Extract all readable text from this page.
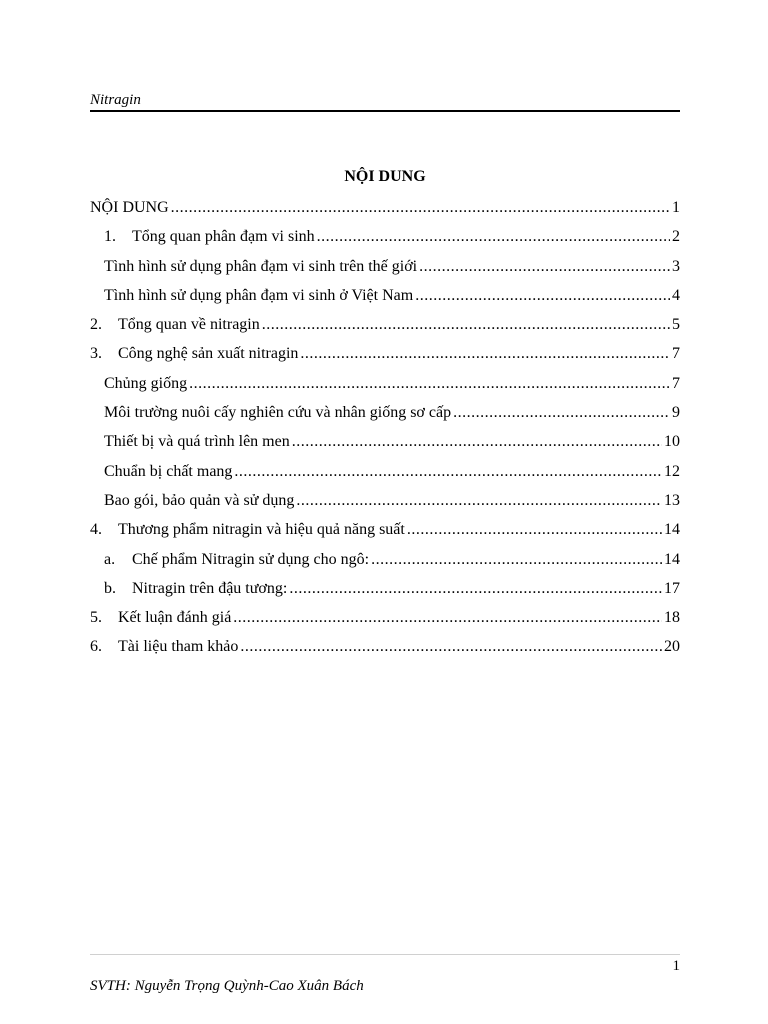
Nitragin
NỘI DUNG
NỘI DUNG .....	1
1.	Tổng quan phân đạm vi sinh .....	2
Tình hình sử dụng phân đạm vi sinh trên thế giới .....	3
Tình hình sử dụng phân đạm vi sinh ở Việt Nam .....	4
2.	Tổng quan về nitragin .....	5
3.	Công nghệ sản xuất nitragin .....	7
Chủng giống .....	7
Môi trường nuôi cấy nghiên cứu và nhân giống sơ cấp .....	9
Thiết bị và quá trình lên men .....	10
Chuẩn bị chất mang .....	12
Bao gói, bảo quản và sử dụng .....	13
4.	Thương phẩm nitragin và hiệu quả năng suất .....	14
a.	Chế phẩm Nitragin sử dụng cho ngô: .....	14
b.	Nitragin trên đậu tương: .....	17
5.	Kết luận đánh giá .....	18
6.	Tài liệu tham khảo .....	20
1
SVTH: Nguyễn Trọng Quỳnh-Cao Xuân Bách
